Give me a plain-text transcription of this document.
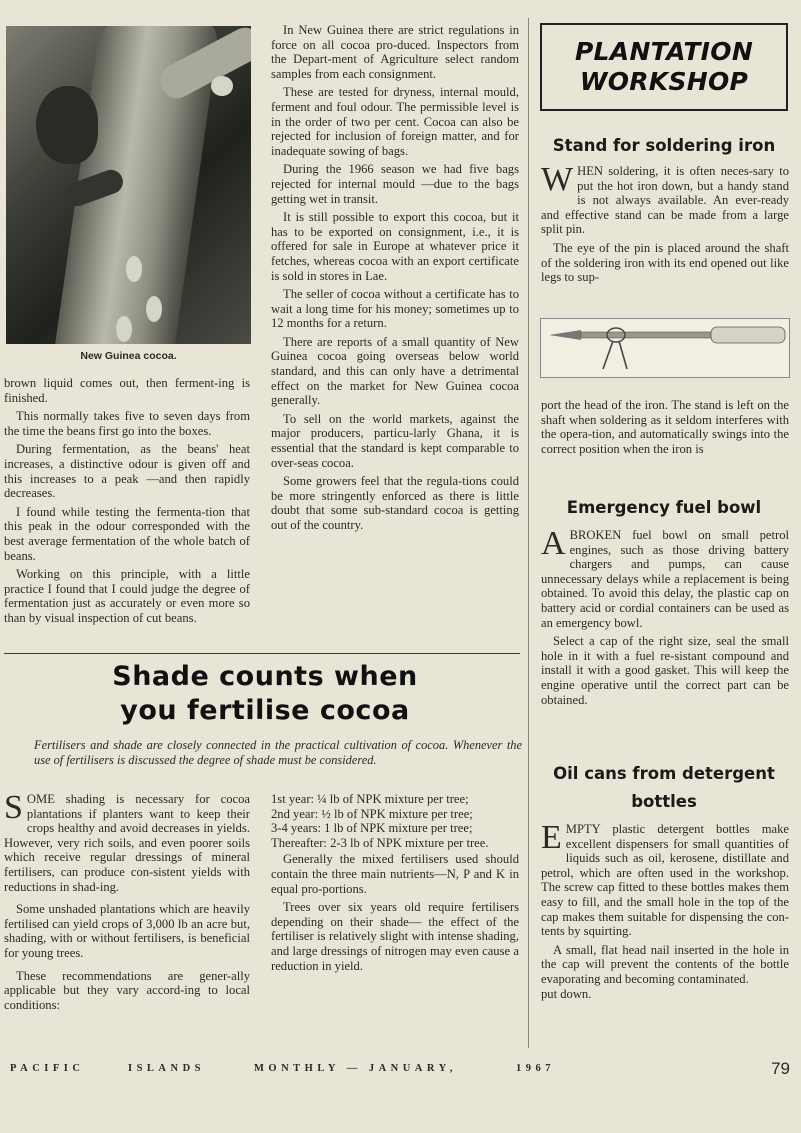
New Guinea cocoa.

brown liquid comes out, then ferment-ing is finished.

This normally takes five to seven days from the time the beans first go into the boxes.

During fermentation, as the beans' heat increases, a distinctive odour is given off and this increases to a peak —and then rapidly decreases.

I found while testing the fermenta-tion that this peak in the odour corresponded with the best average fermentation of the whole batch of beans.

Working on this principle, with a little practice I found that I could judge the degree of fermentation just as accurately or even more so than by visual inspection of cut beans.

In New Guinea there are strict regulations in force on all cocoa pro-duced. Inspectors from the Depart-ment of Agriculture select random samples from each consignment.

These are tested for dryness, internal mould, ferment and foul odour. The permissible level is in the order of two per cent. Cocoa can also be rejected for inclusion of foreign matter, and for inadequate sowing of bags.

During the 1966 season we had five bags rejected for internal mould —due to the bags getting wet in transit.

It is still possible to export this cocoa, but it has to be exported on consignment, i.e., it is offered for sale in Europe at whatever price it fetches, whereas cocoa with an export certificate is sold in stores in Lae.

The seller of cocoa without a certificate has to wait a long time for his money; sometimes up to 12 months for a return.

There are reports of a small quantity of New Guinea cocoa going overseas below world standard, and this can only have a detrimental effect on the market for New Guinea cocoa generally.

To sell on the world markets, against the major producers, particu-larly Ghana, it is essential that the standard is kept comparable to over-seas cocoa.

Some growers feel that the regula-tions could be more stringently enforced as there is little doubt that some sub-standard cocoa is getting out of the country.

Shade counts when
you fertilise cocoa
Fertilisers and shade are closely connected in the practical cultivation of cocoa. Whenever the use of fertilisers is discussed the degree of shade must be considered.

SOME shading is necessary for cocoa plantations if planters want to keep their crops healthy and avoid decreases in yields. However, very rich soils, and even poorer soils which receive regular dressings of mineral fertilisers, can produce con-sistent yields with reductions in shad-ing.

Some unshaded plantations which are heavily fertilised can yield crops of 3,000 lb an acre but, shading, with or without fertilisers, is beneficial for young trees.

These recommendations are gener-ally applicable but they vary accord-ing to local conditions:

1st year: ¼ lb of NPK mixture per tree;

2nd year: ½ lb of NPK mixture per tree;

3-4 years: 1 lb of NPK mixture per tree;

Thereafter: 2-3 lb of NPK mixture per tree.

Generally the mixed fertilisers used should contain the three main nutrients—N, P and K in equal pro-portions.

Trees over six years old require fertilisers depending on their shade— the effect of the fertiliser is relatively slight with intense shading, and large dressings of nitrogen may even cause a reduction in yield.

PLANTATION
WORKSHOP
Stand for soldering iron

WHEN soldering, it is often neces-sary to put the hot iron down, but a handy stand is not always available. An ever-ready and effective stand can be made from a large split pin.

The eye of the pin is placed around the shaft of the soldering iron with its end opened out like legs to sup-

port the head of the iron. The stand is left on the shaft when soldering as it seldom interferes with the opera-tion, and automatically swings into the correct position when the iron is

Emergency fuel bowl

ABROKEN fuel bowl on small petrol engines, such as those driving battery chargers and pumps, can cause unnecessary delays while a replacement is being obtained. To avoid this delay, the plastic cap on battery acid or cordial containers can be used as an emergency bowl.

Select a cap of the right size, seal the small hole in it with a fuel re-sistant compound and install it with a good gasket. This will keep the engine operative until the correct part can be obtained.

Oil cans from detergent
bottles

EMPTY plastic detergent bottles make excellent dispensers for small quantities of liquids such as oil, kerosene, distillate and petrol, which are often used in the workshop. The screw cap fitted to these bottles makes them easy to fill, and the small hole in the top of the cap makes them suitable for dispensing the con-tents by squirting.

A small, flat head nail inserted in the hole in the cap will prevent the contents of the bottle evaporating and becoming contaminated.

put down.

PACIFIC	ISLANDS	MONTHLY — JANUARY,	1967	79
